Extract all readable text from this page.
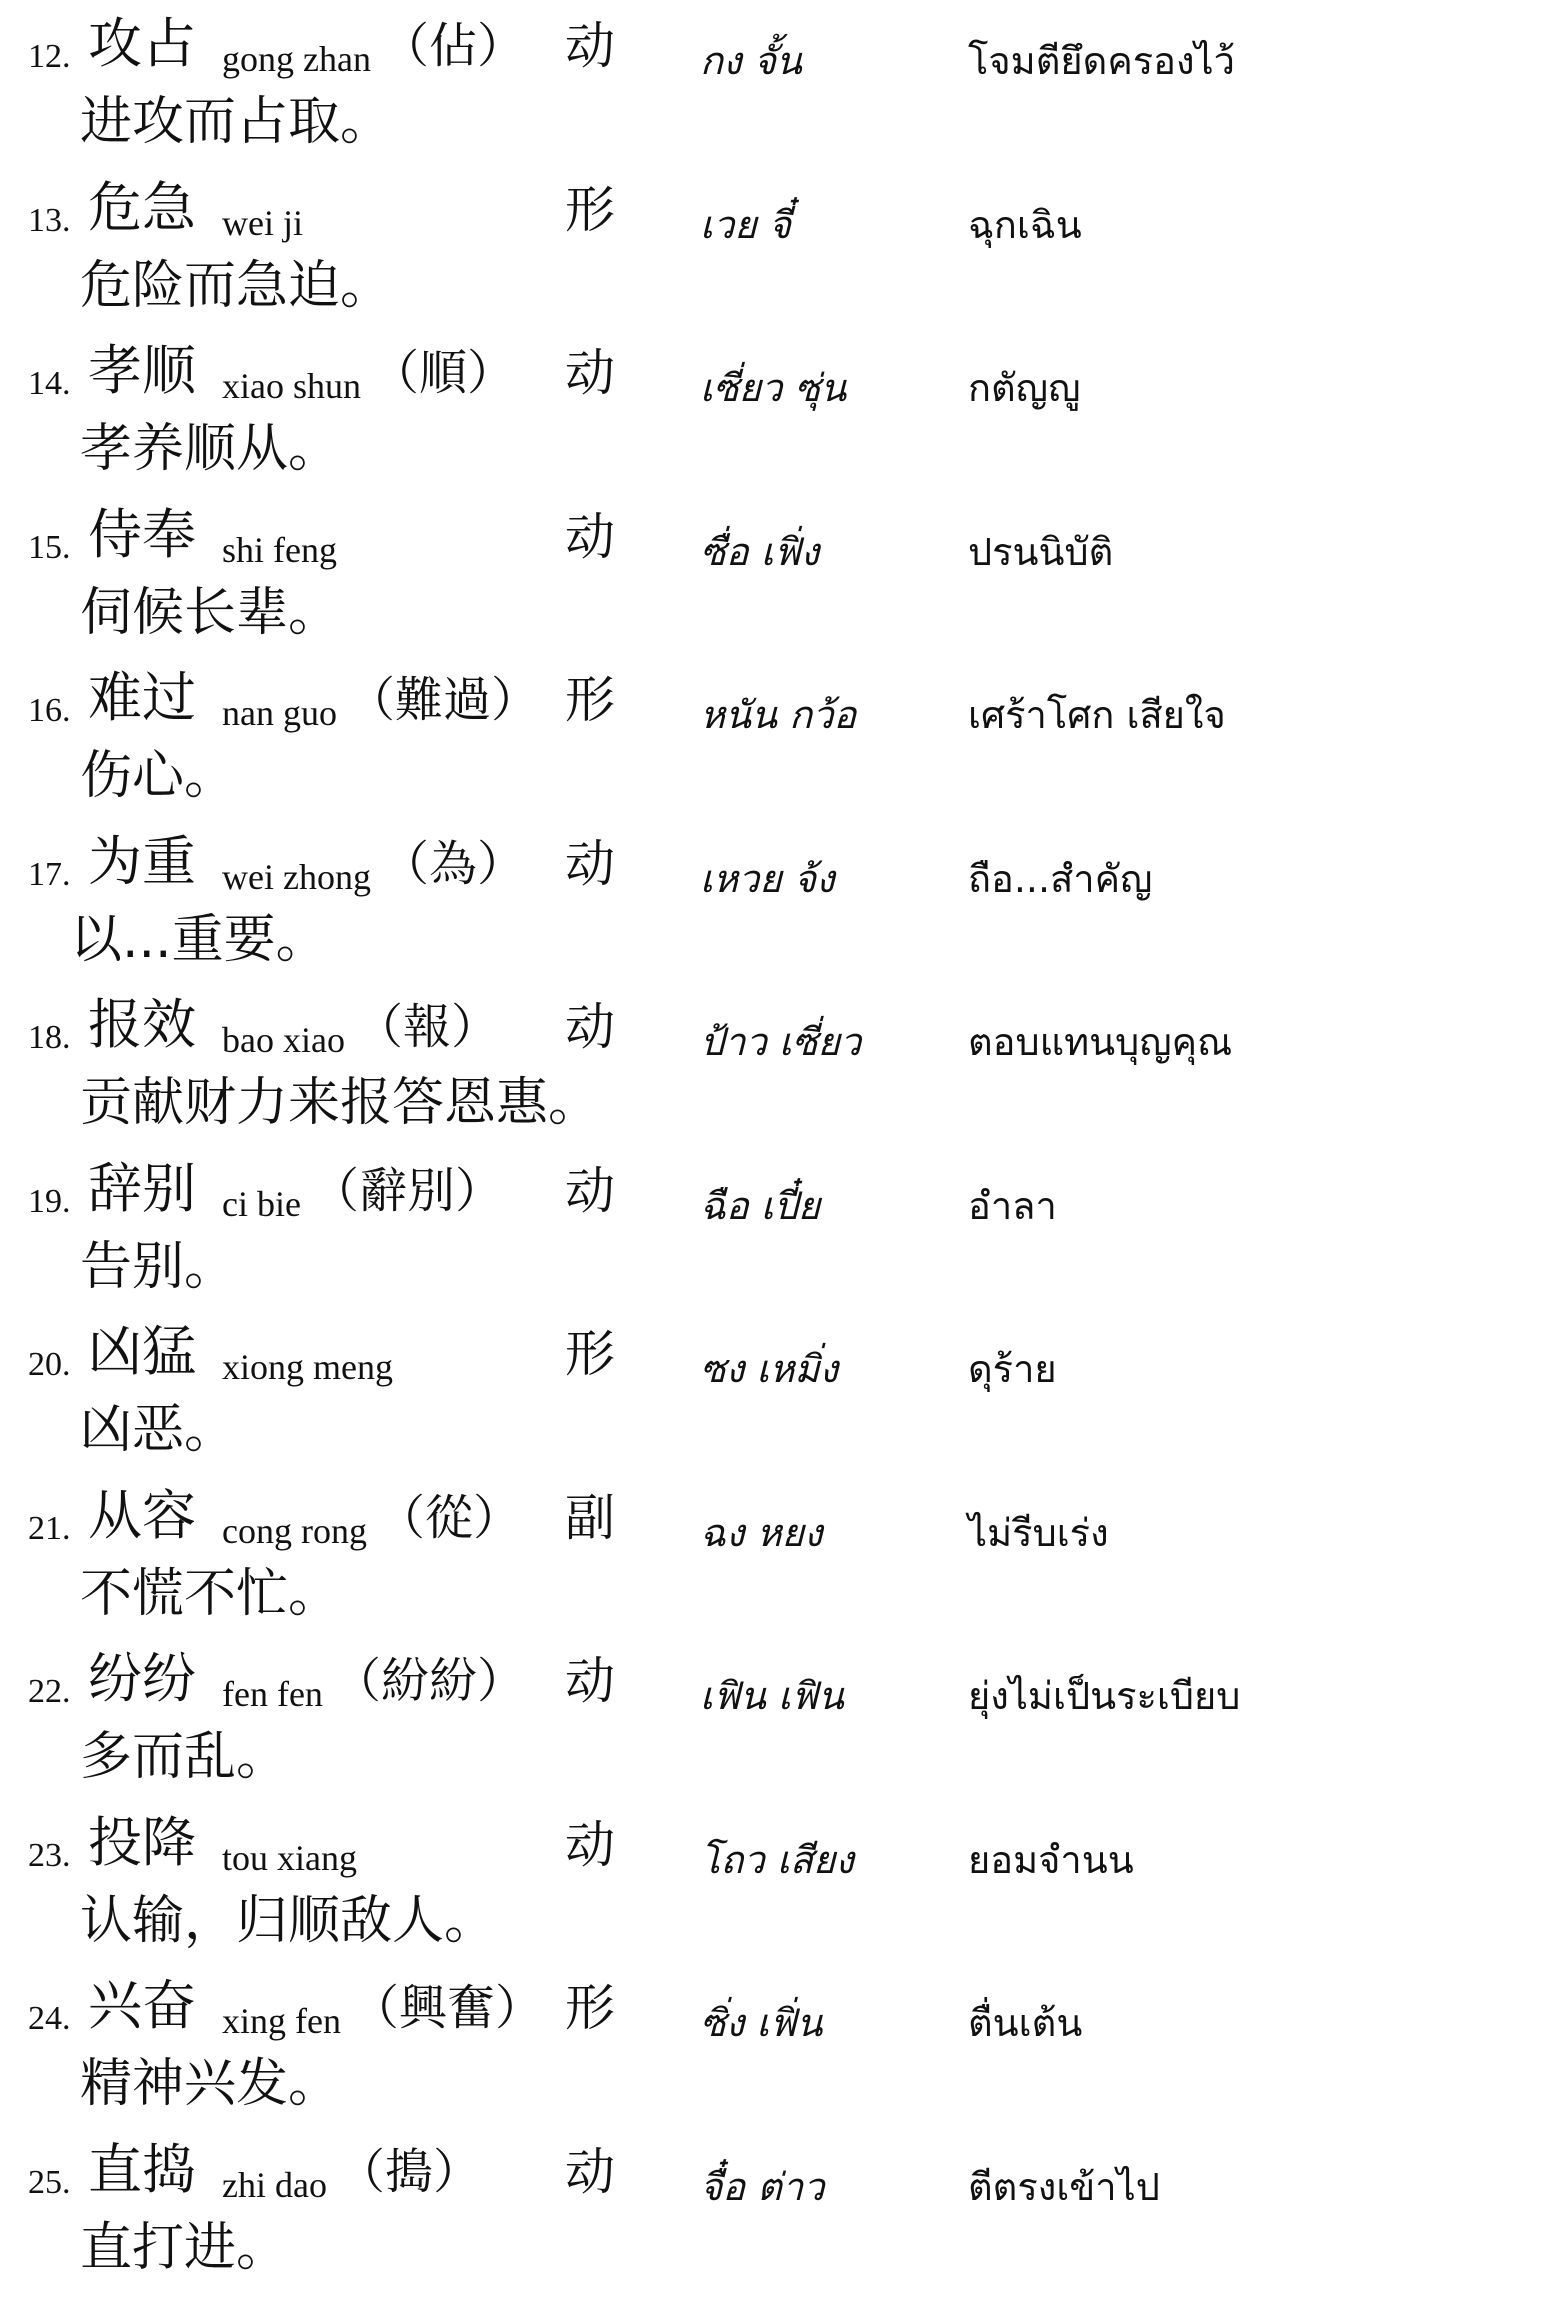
12. 攻占 gong zhan （佔） 动 กง จั้น	โจมตียึดครองไว้
进攻而占取。
13. 危急 wei ji	形 เวย จี๋	ฉุกเฉิน
危险而急迫。
14. 孝顺 xiao shun （順） 动 เซี่ยว ซุ่น	กตัญญู
孝养顺从。
15. 侍奉 shi feng	动 ซื่อ เฟิ่ง	ปรนนิบัติ
伺候长辈。
16. 难过 nan guo （難過） 形 หนัน กว้อ	เศร้าโศก เสียใจ
伤心。
17. 为重 wei zhong （為） 动 เหวย จ้ง	ถือ...สำคัญ
以...重要。
18. 报效 bao xiao （報） 动 ป้าว เซี่ยว	ตอบแทนบุญคุณ
贡献财力来报答恩惠。
19. 辞别 ci bie （辭別） 动 ฉือ เปี๋ย	อำลา
告别。
20. 凶猛 xiong meng	形 ซง เหมิ่ง	ดุร้าย
凶恶。
21. 从容 cong rong （從） 副 ฉง หยง	ไม่รีบเร่ง
不慌不忙。
22. 纷纷 fen fen （紛紛） 动 เฟิน เฟิน	ยุ่งไม่เป็นระเบียบ
多而乱。
23. 投降 tou xiang	动 โถว เสียง	ยอมจำนน
认输，归顺敌人。
24. 兴奋 xing fen （興奮） 形 ซิ่ง เฟิ่น	ตื่นเต้น
精神兴发。
25. 直捣 zhi dao （搗） 动 จื๋อ ต่าว	ตีตรงเข้าไป
直打进。
